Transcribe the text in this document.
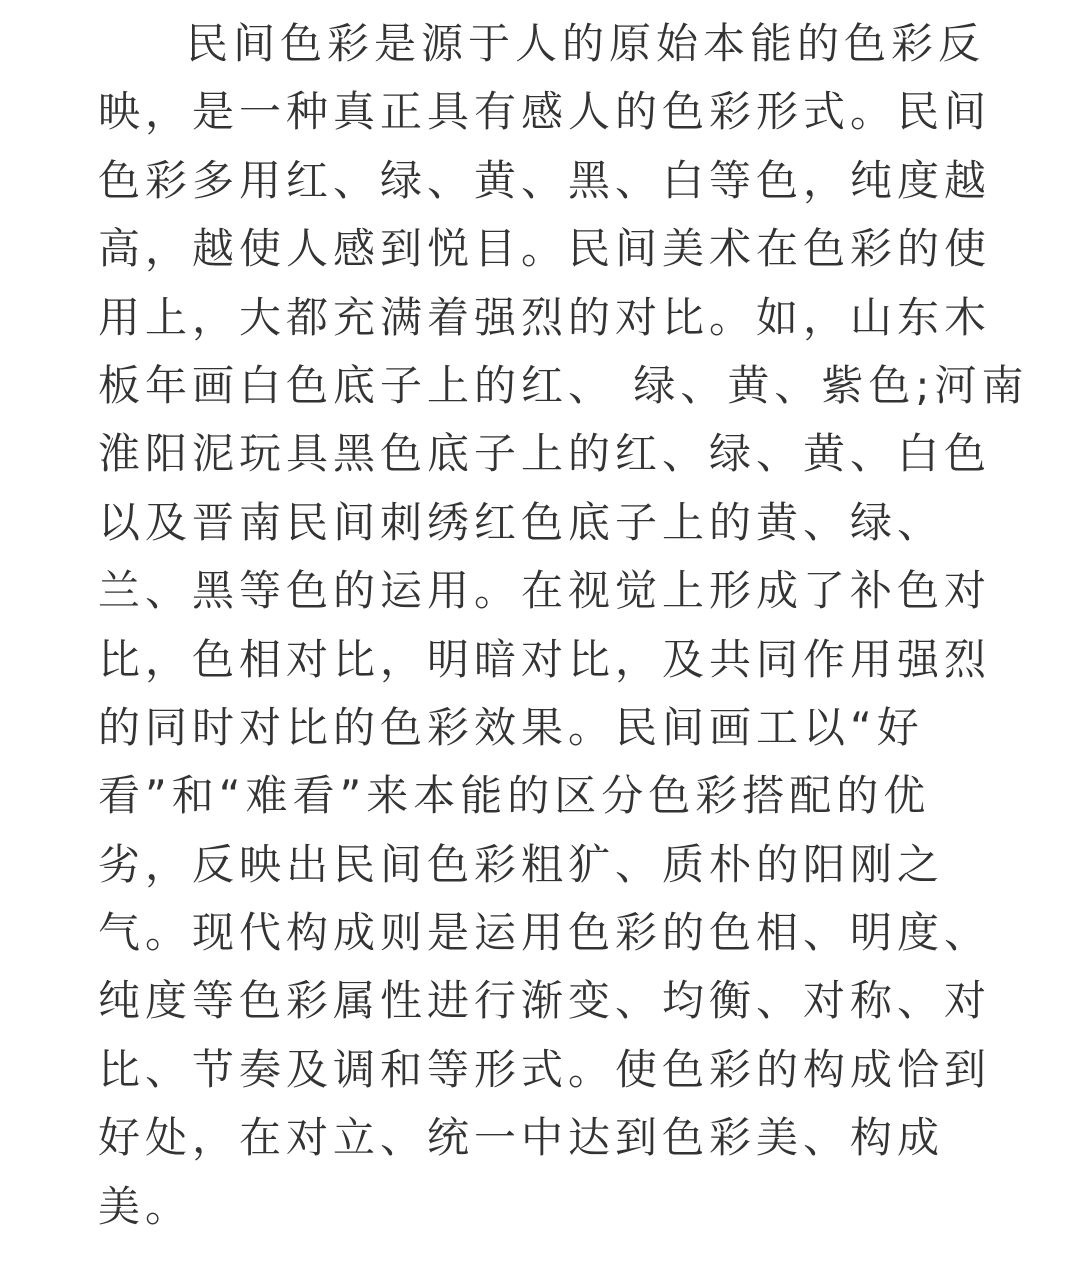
民间色彩是源于人的原始本能的色彩反
映，是一种真正具有感人的色彩形式。民间
色彩多用红、绿、黄、黑、白等色，纯度越
高，越使人感到悦目。民间美术在色彩的使
用上，大都充满着强烈的对比。如，山东木
板年画白色底子上的红、 绿、黄、紫色;河南
淮阳泥玩具黑色底子上的红、绿、黄、白色
以及晋南民间刺绣红色底子上的黄、绿、
兰、黑等色的运用。在视觉上形成了补色对
比，色相对比，明暗对比，及共同作用强烈
的同时对比的色彩效果。民间画工以“好
看”和“难看”来本能的区分色彩搭配的优
劣，反映出民间色彩粗犷、质朴的阳刚之
气。现代构成则是运用色彩的色相、明度、
纯度等色彩属性进行渐变、均衡、对称、对
比、节奏及调和等形式。使色彩的构成恰到
好处，在对立、统一中达到色彩美、构成
美。
